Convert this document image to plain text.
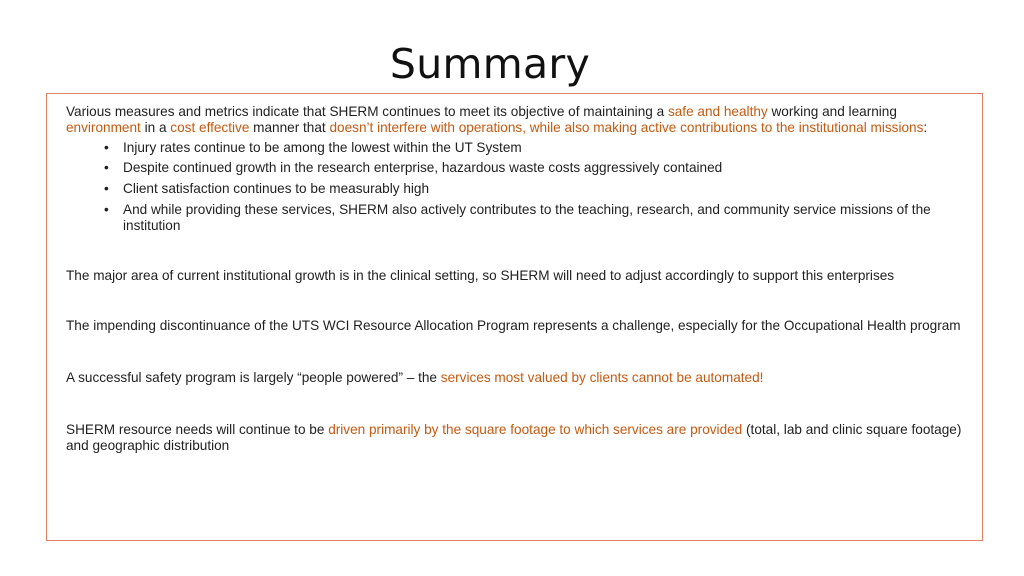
Summary

Various measures and metrics indicate that SHERM continues to meet its objective of maintaining a safe and healthy working and learning environment in a cost effective manner that doesn’t interfere with operations, while also making active contributions to the institutional missions:

•	Injury rates continue to be among the lowest within the UT System
•	Despite continued growth in the research enterprise, hazardous waste costs aggressively contained
•	Client satisfaction continues to be measurably high
•	And while providing these services, SHERM also actively contributes to the teaching, research, and community service missions of the institution

The major area of current institutional growth is in the clinical setting, so SHERM will need to adjust accordingly to support this enterprises

The impending discontinuance of the UTS WCI Resource Allocation Program represents a challenge, especially for the Occupational Health program

A successful safety program is largely “people powered” – the services most valued by clients cannot be automated!

SHERM resource needs will continue to be driven primarily by the square footage to which services are provided (total, lab and clinic square footage) and geographic distribution
